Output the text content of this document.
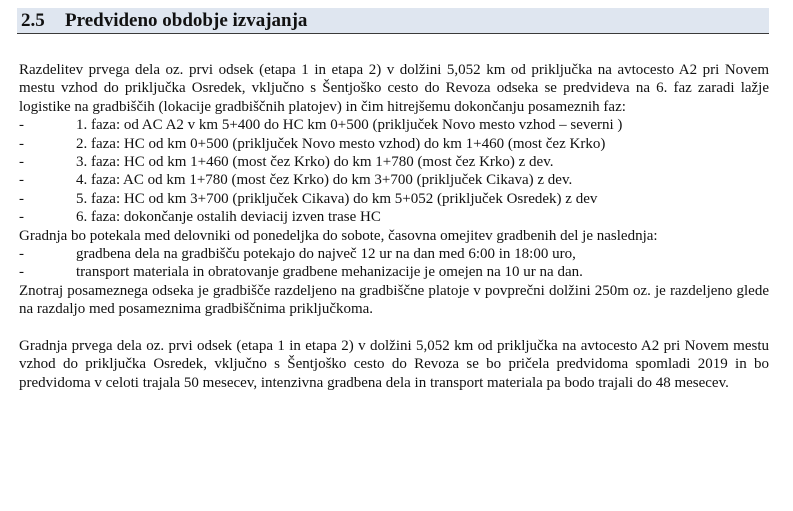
2.5	Predvideno obdobje izvajanja

Razdelitev prvega dela oz. prvi odsek (etapa 1 in etapa 2) v dolžini 5,052 km od priključka na avtocesto A2 pri Novem mestu vzhod do priključka Osredek, vključno s Šentjoško cesto do Revoza odseka se predvideva na 6. faz zaradi lažje logistike na gradbiščih (lokacije gradbiščnih platojev) in čim hitrejšemu dokončanju posameznih faz:

-	1. faza: od AC A2 v km 5+400 do HC km 0+500 (priključek Novo mesto vzhod – severni )
-	2. faza: HC od km 0+500 (priključek Novo mesto vzhod) do km 1+460 (most čez Krko)
-	3. faza: HC od km 1+460 (most čez Krko) do km 1+780 (most čez Krko) z dev.
-	4. faza: AC od km 1+780 (most čez Krko) do km 3+700 (priključek Cikava) z dev.
-	5. faza: HC od km 3+700 (priključek Cikava) do km 5+052 (priključek Osredek) z dev
-	6. faza: dokončanje ostalih deviacij izven trase HC

Gradnja bo potekala med delovniki od ponedeljka do sobote, časovna omejitev gradbenih del je naslednja:

-	gradbena dela na gradbišču potekajo do največ 12 ur na dan med 6:00 in 18:00 uro,
-	transport materiala in obratovanje gradbene mehanizacije je omejen na 10 ur na dan.

Znotraj posameznega odseka je gradbišče razdeljeno na gradbiščne platoje v povprečni dolžini 250m oz. je razdeljeno glede na razdaljo med posameznima gradbiščnima priključkoma.

Gradnja prvega dela oz. prvi odsek (etapa 1 in etapa 2) v dolžini 5,052 km od priključka na avtocesto A2 pri Novem mestu vzhod do priključka Osredek, vključno s Šentjoško cesto do Revoza se bo pričela predvidoma spomladi 2019 in bo predvidoma v celoti trajala 50 mesecev, intenzivna gradbena dela in transport materiala pa bodo trajali do 48 mesecev.
